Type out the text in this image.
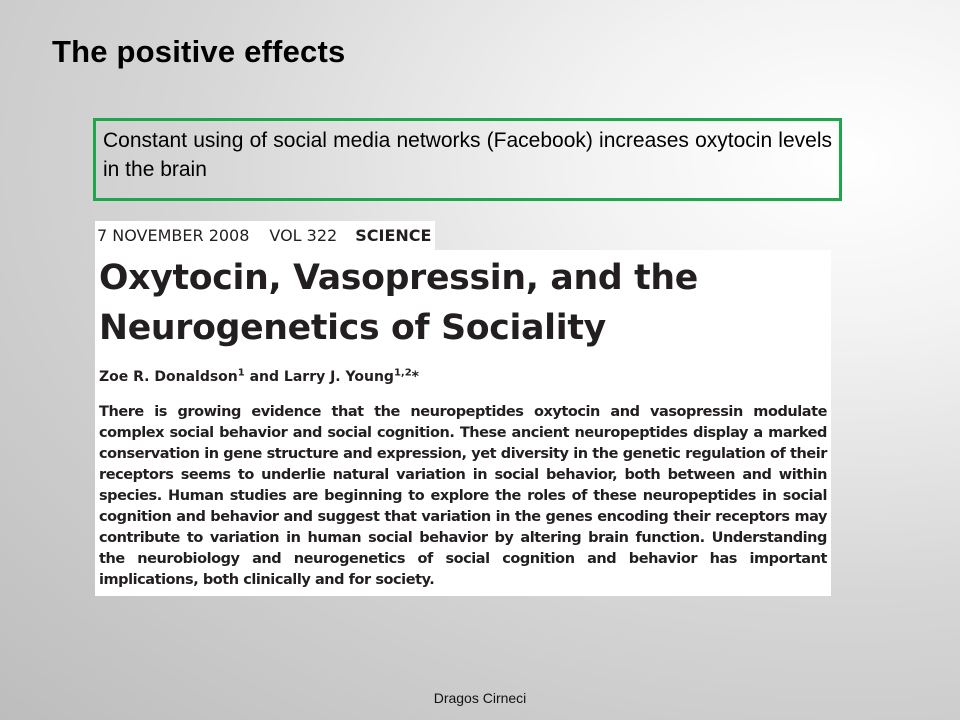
The positive effects

Constant using of social media networks (Facebook) increases oxytocin levels in the brain

7 NOVEMBER 2008 VOL 322 SCIENCE
Oxytocin, Vasopressin, and the Neurogenetics of Sociality

Zoe R. Donaldson$^1$ and Larry J. Young$^{1,2}$*

There is growing evidence that the neuropeptides oxytocin and vasopressin modulate complex social behavior and social cognition. These ancient neuropeptides display a marked conservation in gene structure and expression, yet diversity in the genetic regulation of their receptors seems to underlie natural variation in social behavior, both between and within species. Human studies are beginning to explore the roles of these neuropeptides in social cognition and behavior and suggest that variation in the genes encoding their receptors may contribute to variation in human social behavior by altering brain function. Understanding the neurobiology and neurogenetics of social cognition and behavior has important implications, both clinically and for society.

Dragos Cirneci
